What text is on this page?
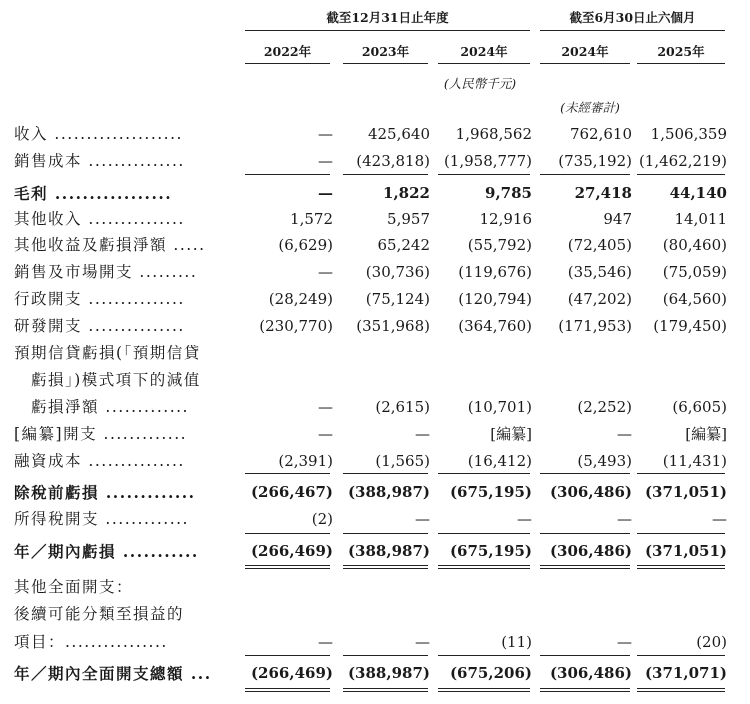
截至12月31日止年度	截至6月30日止六個月
2022年	2023年	2024年	2024年	2025年
(人民幣千元)
(未經審計)
收入 ....................	— 425,640 1,968,562	762,610 1,506,359
銷售成本 ...............	— (423,818) (1,958,777) (735,192) (1,462,219)
毛利 .................	—	1,822	9,785	27,418	44,140
其他收入 ...............	1,572	5,957	12,916	947	14,011
其他收益及虧損淨額 .....	(6,629)	65,242	(55,792) (72,405) (80,460)
銷售及市場開支 .........	— (30,736) (119,676) (35,546) (75,059)
行政開支 ...............	(28,249) (75,124) (120,794) (47,202) (64,560)
研發開支 ...............	(230,770) (351,968) (364,760) (171,953) (179,450)
預期信貸虧損(「預期信貸
　虧損」)模式項下的減值
　虧損淨額 .............	—	(2,615)	(10,701)	(2,252)	(6,605)
[編纂]開支 .............	—	—	[編纂]	—	[編纂]
融資成本 ...............	(2,391)	(1,565)	(16,412)	(5,493) (11,431)
除稅前虧損 .............	(266,467) (388,987) (675,195) (306,486) (371,051)
所得稅開支 .............	(2)	—	—	—	—
年／期內虧損 ...........	(266,469) (388,987) (675,195) (306,486) (371,051)
其他全面開支：
後續可能分類至損益的
項目：................	—	—	(11)	—	(20)
年／期內全面開支總額 ...	(266,469) (388,987) (675,206) (306,486) (371,071)
